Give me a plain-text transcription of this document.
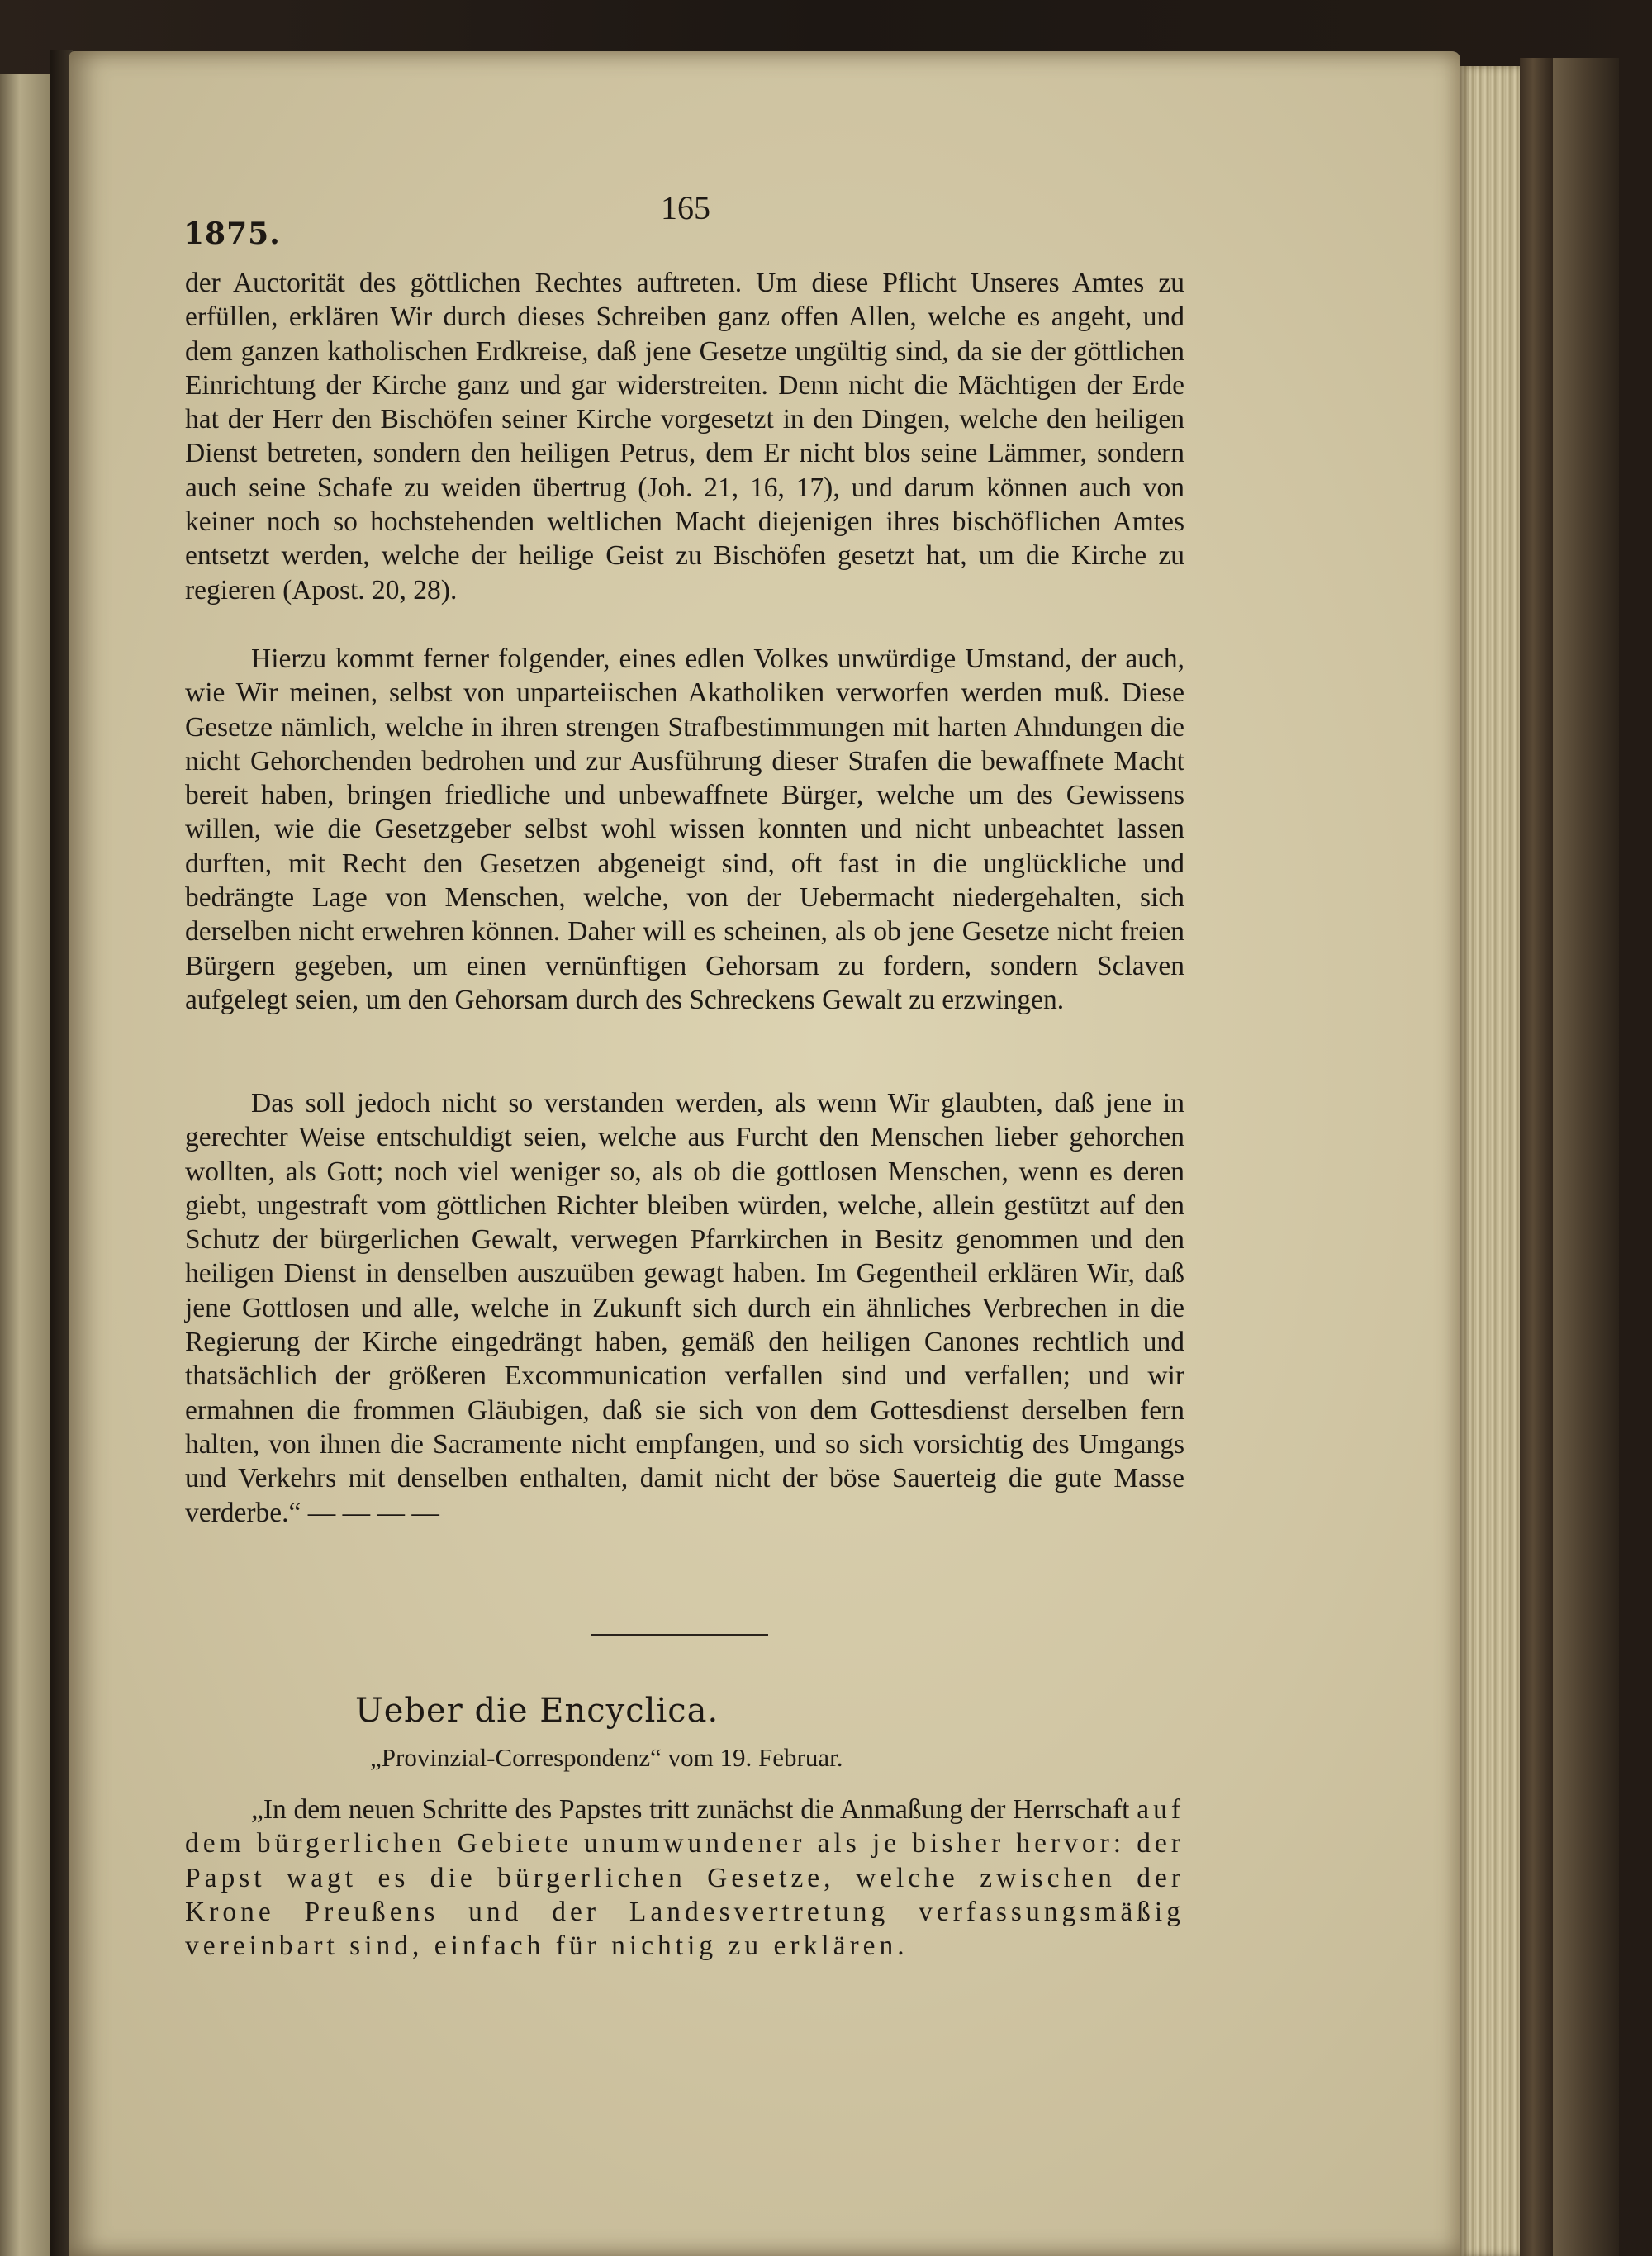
1875.
165

der Auctorität des göttlichen Rechtes auftreten. Um diese Pflicht Unseres Amtes zu erfüllen, erklären Wir durch dieses Schreiben ganz offen Allen, welche es angeht, und dem ganzen katholischen Erdkreise, daß jene Gesetze ungültig sind, da sie der göttlichen Einrichtung der Kirche ganz und gar widerstreiten. Denn nicht die Mächtigen der Erde hat der Herr den Bischöfen seiner Kirche vorgesetzt in den Dingen, welche den heiligen Dienst betreten, sondern den heiligen Petrus, dem Er nicht blos seine Lämmer, sondern auch seine Schafe zu weiden übertrug (Joh. 21, 16, 17), und darum können auch von keiner noch so hochstehenden weltlichen Macht diejenigen ihres bischöflichen Amtes entsetzt werden, welche der heilige Geist zu Bischöfen gesetzt hat, um die Kirche zu regieren (Apost. 20, 28).

Hierzu kommt ferner folgender, eines edlen Volkes unwürdige Umstand, der auch, wie Wir meinen, selbst von unparteiischen Akatholiken verworfen werden muß. Diese Gesetze nämlich, welche in ihren strengen Strafbestimmungen mit harten Ahndungen die nicht Gehorchenden bedrohen und zur Ausführung dieser Strafen die bewaffnete Macht bereit haben, bringen friedliche und unbewaffnete Bürger, welche um des Gewissens willen, wie die Gesetzgeber selbst wohl wissen konnten und nicht unbeachtet lassen durften, mit Recht den Gesetzen abgeneigt sind, oft fast in die unglückliche und bedrängte Lage von Menschen, welche, von der Uebermacht niedergehalten, sich derselben nicht erwehren können. Daher will es scheinen, als ob jene Gesetze nicht freien Bürgern gegeben, um einen vernünftigen Gehorsam zu fordern, sondern Sclaven aufgelegt seien, um den Gehorsam durch des Schreckens Gewalt zu erzwingen.

Das soll jedoch nicht so verstanden werden, als wenn Wir glaubten, daß jene in gerechter Weise entschuldigt seien, welche aus Furcht den Menschen lieber gehorchen wollten, als Gott; noch viel weniger so, als ob die gottlosen Menschen, wenn es deren giebt, ungestraft vom göttlichen Richter bleiben würden, welche, allein gestützt auf den Schutz der bürgerlichen Gewalt, verwegen Pfarrkirchen in Besitz genommen und den heiligen Dienst in denselben auszuüben gewagt haben. Im Gegentheil erklären Wir, daß jene Gottlosen und alle, welche in Zukunft sich durch ein ähnliches Verbrechen in die Regierung der Kirche eingedrängt haben, gemäß den heiligen Canones rechtlich und thatsächlich der größeren Excommunication verfallen sind und verfallen; und wir ermahnen die frommen Gläubigen, daß sie sich von dem Gottesdienst derselben fern halten, von ihnen die Sacramente nicht empfangen, und so sich vorsichtig des Umgangs und Verkehrs mit denselben enthalten, damit nicht der böse Sauerteig die gute Masse verderbe.“ — — — —

Ueber die Encyclica.
„Provinzial-Correspondenz“ vom 19. Februar.

„In dem neuen Schritte des Papstes tritt zunächst die Anmaßung der Herrschaft auf dem bürgerlichen Gebiete unumwundener als je bisher hervor: der Papst wagt es die bürgerlichen Gesetze, welche zwischen der Krone Preußens und der Landesvertretung verfassungsmäßig vereinbart sind, einfach für nichtig zu erklären.
